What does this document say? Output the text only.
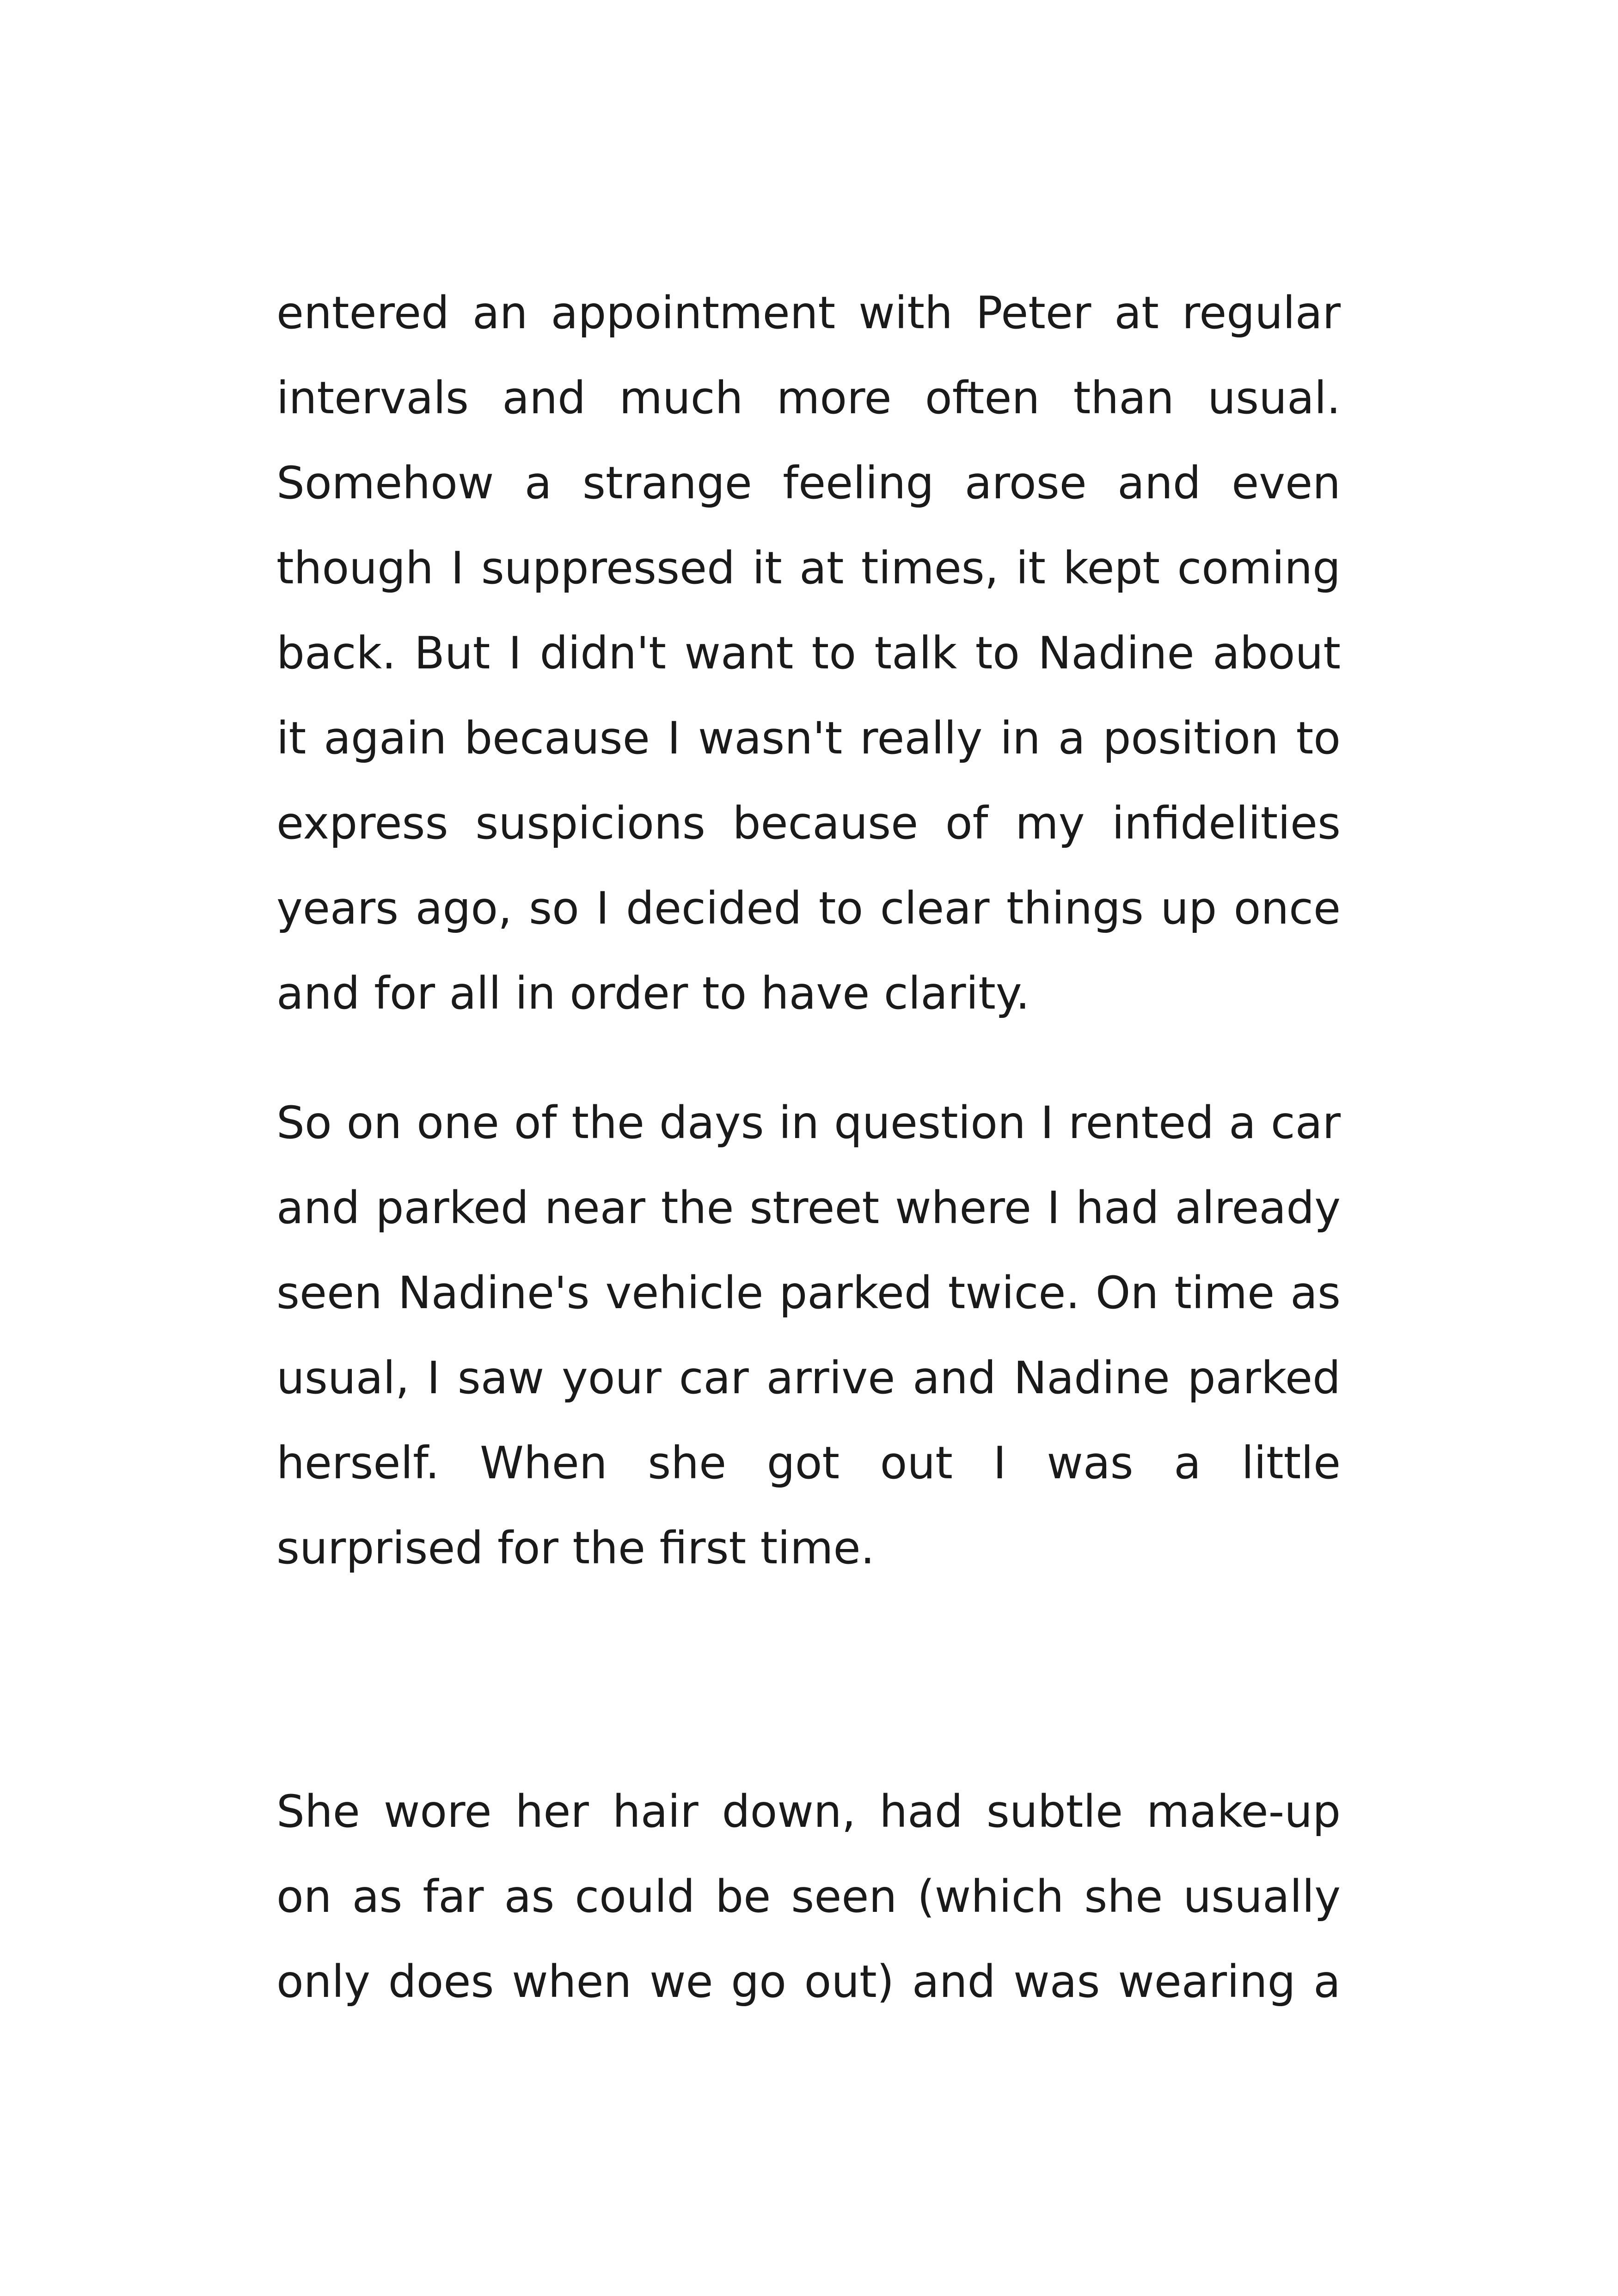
entered an appointment with Peter at regular intervals and much more often than usual. Somehow a strange feeling arose and even though I suppressed it at times, it kept coming back. But I didn't want to talk to Nadine about it again because I wasn't really in a position to express suspicions because of my infidelities years ago, so I decided to clear things up once and for all in order to have clarity.

So on one of the days in question I rented a car and parked near the street where I had already seen Nadine's vehicle parked twice. On time as usual, I saw your car arrive and Nadine parked herself. When she got out I was a little surprised for the first time.

She wore her hair down, had subtle make-up on as far as could be seen (which she usually only does when we go out) and was wearing a
